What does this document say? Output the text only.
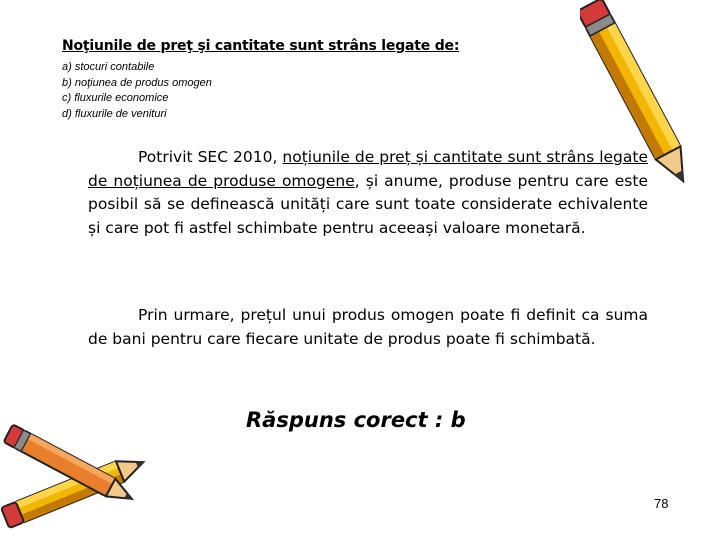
Noţiunile de preţ şi cantitate sunt strâns legate de:
a) stocuri contabile
b) noţiunea de produs omogen
c) fluxurile economice
d) fluxurile de venituri

Potrivit SEC 2010, noțiunile de preț și cantitate sunt strâns legate de noțiunea de produse omogene, și anume, produse pentru care este posibil să se definească unități care sunt toate considerate echivalente și care pot fi astfel schimbate pentru aceeași valoare monetară.

Prin urmare, prețul unui produs omogen poate fi definit ca suma de bani pentru care fiecare unitate de produs poate fi schimbată.

Răspuns corect : b
78
